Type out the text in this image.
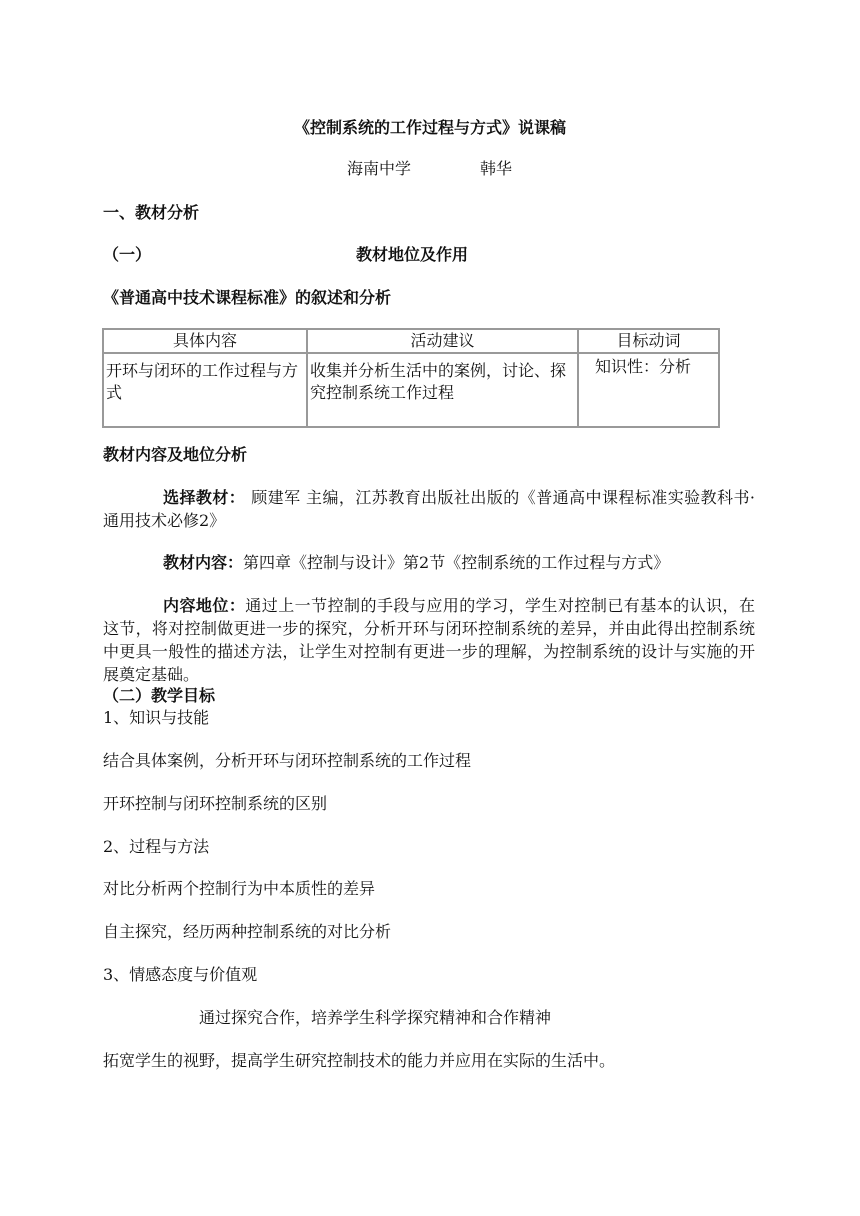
《控制系统的工作过程与方式》说课稿
海南中学	韩华
一、教材分析
（一）	教材地位及作用
《普通高中技术课程标准》的叙述和分析
具体内容	活动建议	目标动词
开环与闭环的工作过程与方式	收集并分析生活中的案例，讨论、探究控制系统工作过程	知识性：分析
教材内容及地位分析
选择教材： 顾建军 主编，江苏教育出版社出版的《普通高中课程标准实验教科书·通用技术必修2》
教材内容：第四章《控制与设计》第2节《控制系统的工作过程与方式》
内容地位：通过上一节控制的手段与应用的学习，学生对控制已有基本的认识，在这节，将对控制做更进一步的探究，分析开环与闭环控制系统的差异，并由此得出控制系统中更具一般性的描述方法，让学生对控制有更进一步的理解，为控制系统的设计与实施的开展奠定基础。
（二）教学目标
1、知识与技能
结合具体案例，分析开环与闭环控制系统的工作过程
开环控制与闭环控制系统的区别
2、过程与方法
对比分析两个控制行为中本质性的差异
自主探究，经历两种控制系统的对比分析
3、情感态度与价值观
通过探究合作，培养学生科学探究精神和合作精神
拓宽学生的视野，提高学生研究控制技术的能力并应用在实际的生活中。
